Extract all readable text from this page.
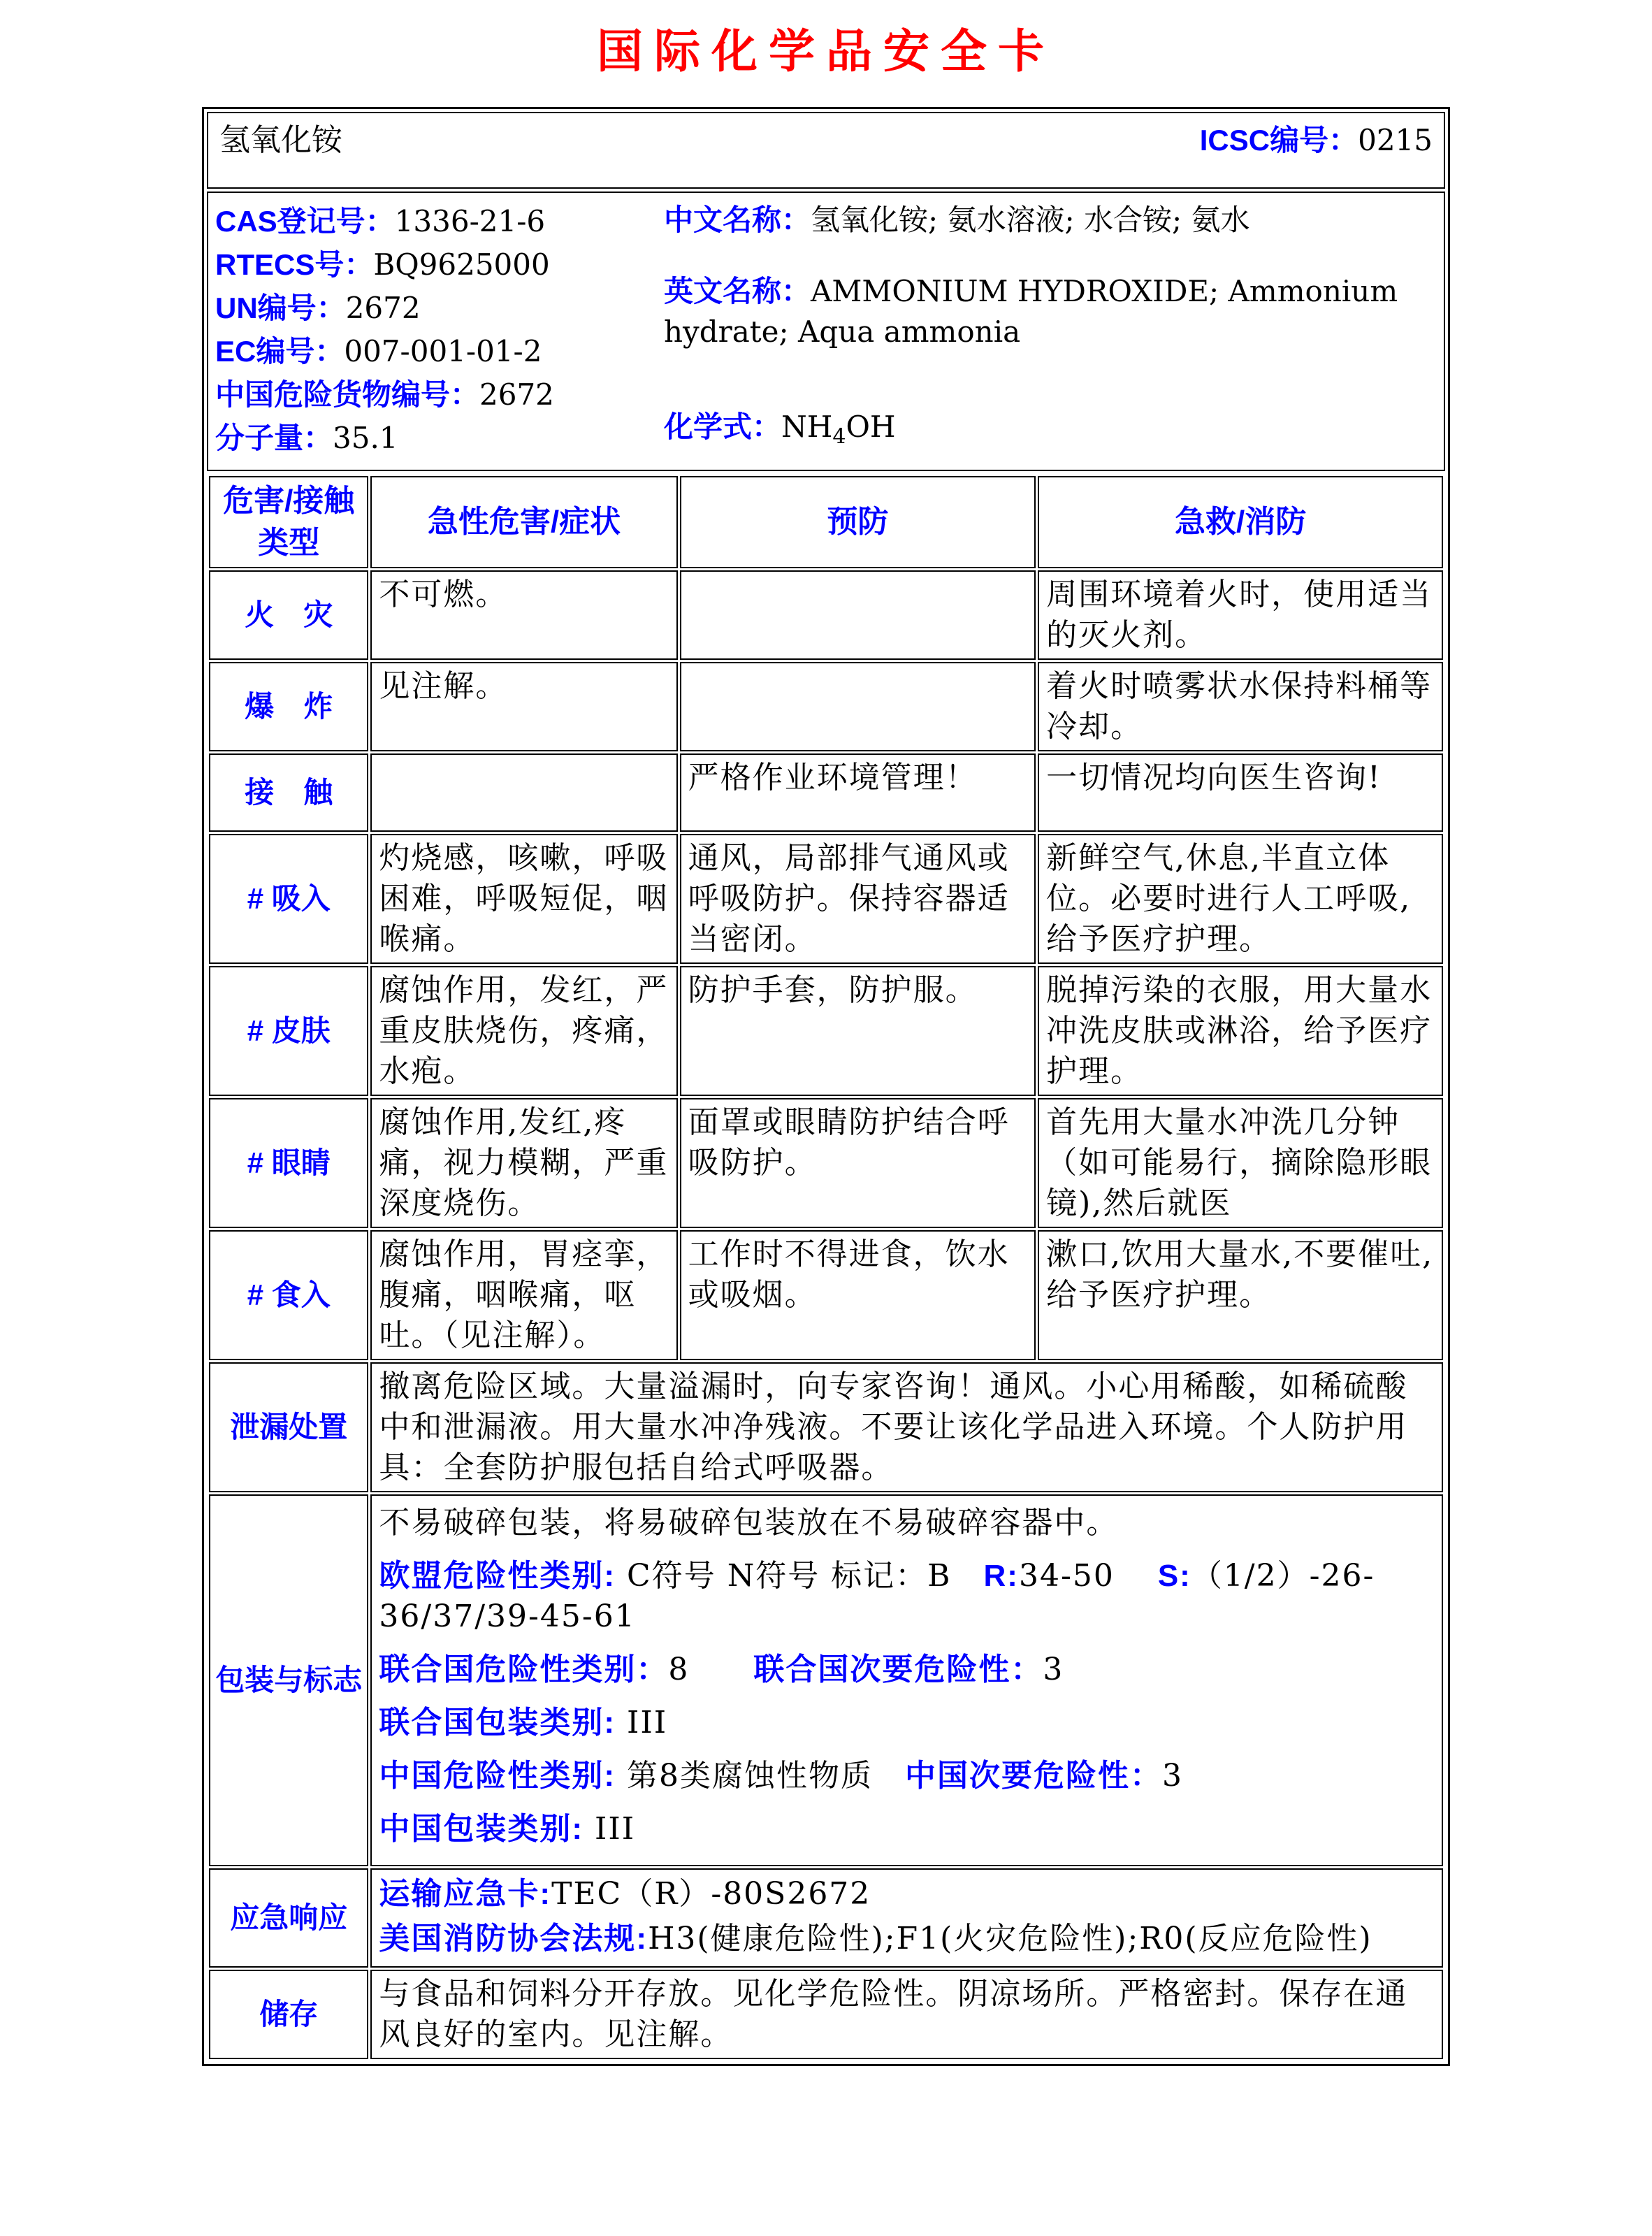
国际化学品安全卡
氢氧化铵	ICSC编号：0215
CAS登记号：1336-21-6
RTECS号：BQ9625000
UN编号：2672
EC编号：007-001-01-2
中国危险货物编号：2672
分子量：35.1
中文名称：氢氧化铵; 氨水溶液; 水合铵; 氨水
英文名称：AMMONIUM HYDROXIDE; Ammonium hydrate; Aqua ammonia
化学式：$NH_4OH$
危害/接触
类型	急性危害/症状	预防	急救/消防
火　灾	不可燃。		周围环境着火时，使用适当的灭火剂。
爆　炸	见注解。		着火时喷雾状水保持料桶等冷却。
接　触		严格作业环境管理！	一切情况均向医生咨询!
# 吸入	灼烧感，咳嗽，呼吸困难，呼吸短促，咽喉痛。	通风，局部排气通风或呼吸防护。保持容器适当密闭。	新鲜空气,休息,半直立体位。必要时进行人工呼吸,给予医疗护理。
# 皮肤	腐蚀作用，发红，严重皮肤烧伤，疼痛，水疱。	防护手套，防护服。	脱掉污染的衣服，用大量水冲洗皮肤或淋浴，给予医疗护理。
# 眼睛	腐蚀作用,发红,疼痛，视力模糊，严重深度烧伤。	面罩或眼睛防护结合呼吸防护。	首先用大量水冲洗几分钟（如可能易行，摘除隐形眼镜),然后就医
# 食入	腐蚀作用，胃痉挛，腹痛，咽喉痛，呕吐。（见注解）。	工作时不得进食，饮水或吸烟。	漱口,饮用大量水,不要催吐,给予医疗护理。
泄漏处置	撤离危险区域。大量溢漏时，向专家咨询！通风。小心用稀酸，如稀硫酸中和泄漏液。用大量水冲净残液。不要让该化学品进入环境。个人防护用具：全套防护服包括自给式呼吸器。		
包装与标志	
不易破碎包装，将易破碎包装放在不易破碎容器中。
欧盟危险性类别: C符号 N符号 标记：B　R:34-50　 S:（1/2）-26-36/37/39-45-61
联合国危险性类别：8　　联合国次要危险性：3
联合国包装类别: III
中国危险性类别: 第8类腐蚀性物质　中国次要危险性：3
中国包装类别: III

应急响应	运输应急卡:TEC（R）-80S2672
美国消防协会法规:H3(健康危险性);F1(火灾危险性);R0(反应危险性)		

储存	与食品和饲料分开存放。见化学危险性。阴凉场所。严格密封。保存在通风良好的室内。见注解。		
